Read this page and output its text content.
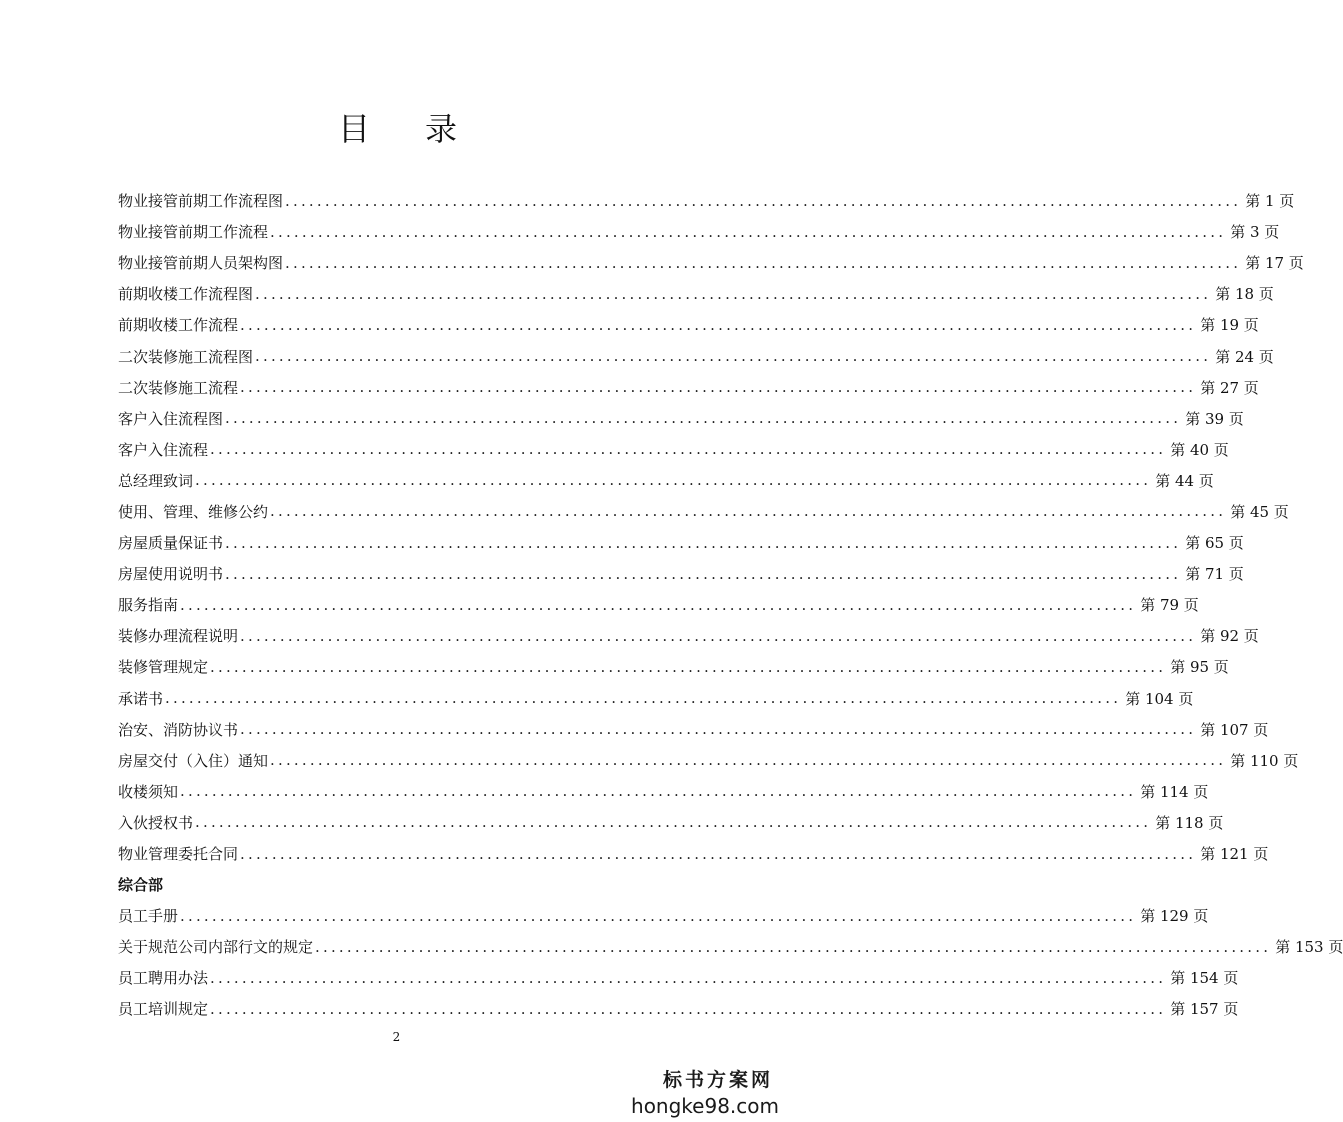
目 录
物业接管前期工作流程图 ........................................................................................................................ 第 1 页
物业接管前期工作流程 ........................................................................................................................ 第 3 页
物业接管前期人员架构图 ........................................................................................................................ 第 17 页
前期收楼工作流程图 ........................................................................................................................ 第 18 页
前期收楼工作流程 ........................................................................................................................ 第 19 页
二次装修施工流程图 ........................................................................................................................ 第 24 页
二次装修施工流程 ........................................................................................................................ 第 27 页
客户入住流程图 ........................................................................................................................ 第 39 页
客户入住流程 ........................................................................................................................ 第 40 页
总经理致词 ........................................................................................................................ 第 44 页
使用、管理、维修公约 ........................................................................................................................ 第 45 页
房屋质量保证书 ........................................................................................................................ 第 65 页
房屋使用说明书 ........................................................................................................................ 第 71 页
服务指南 ........................................................................................................................ 第 79 页
装修办理流程说明 ........................................................................................................................ 第 92 页
装修管理规定 ........................................................................................................................ 第 95 页
承诺书 ........................................................................................................................ 第 104 页
治安、消防协议书 ........................................................................................................................ 第 107 页
房屋交付（入住）通知 ........................................................................................................................ 第 110 页
收楼须知 ........................................................................................................................ 第 114 页
入伙授权书 ........................................................................................................................ 第 118 页
物业管理委托合同 ........................................................................................................................ 第 121 页
综合部
员工手册 ........................................................................................................................ 第 129 页
关于规范公司内部行文的规定 ........................................................................................................................ 第 153 页
员工聘用办法 ........................................................................................................................ 第 154 页
员工培训规定 ........................................................................................................................ 第 157 页
2
标书方案网
hongke98.com
